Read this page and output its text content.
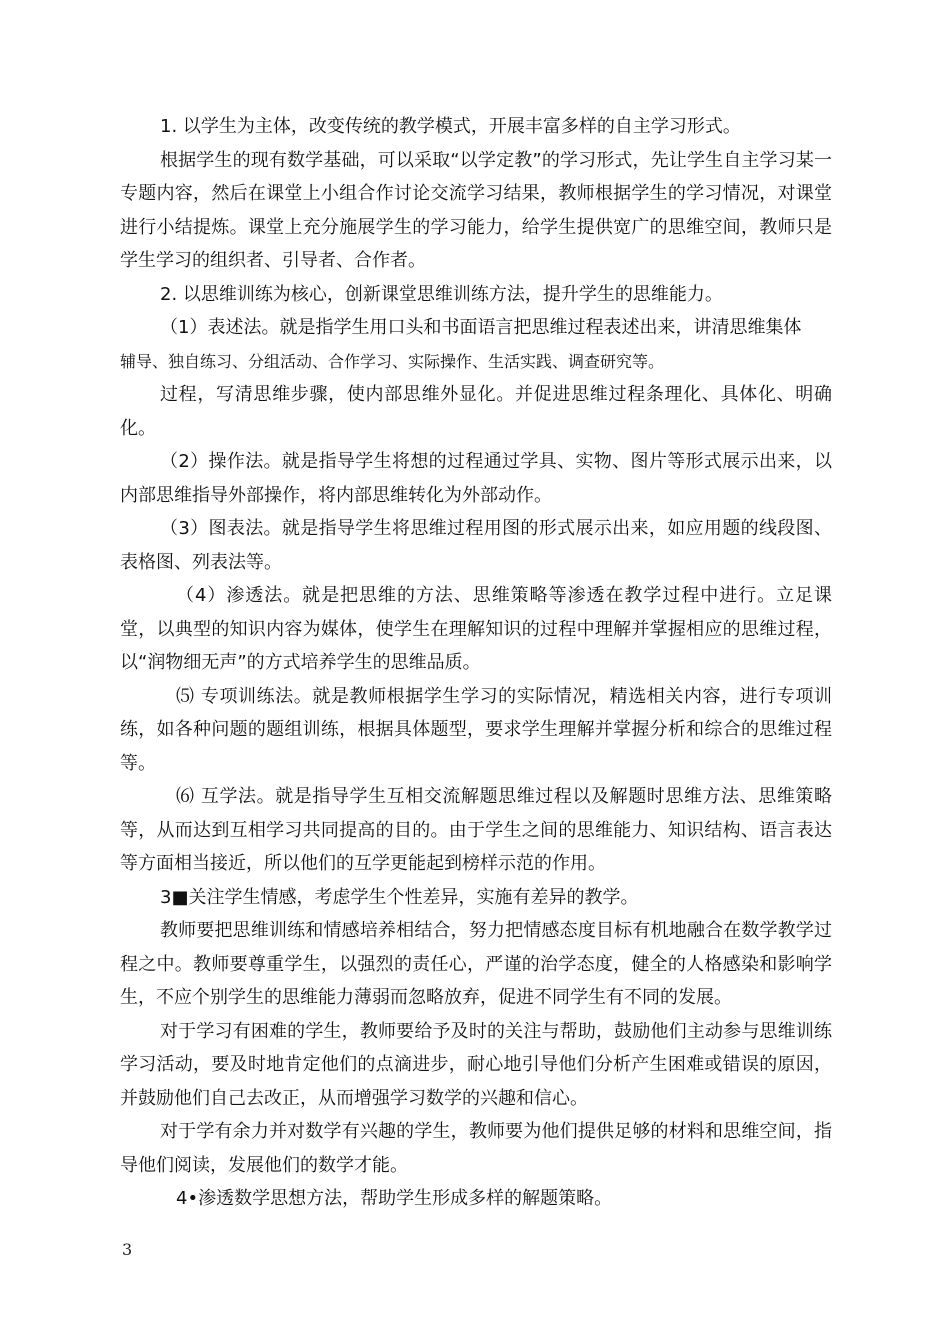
1. 以学生为主体，改变传统的教学模式，开展丰富多样的自主学习形式。

根据学生的现有数学基础，可以采取“以学定教”的学习形式，先让学生自主学习某一专题内容，然后在课堂上小组合作讨论交流学习结果，教师根据学生的学习情况，对课堂进行小结提炼。课堂上充分施展学生的学习能力，给学生提供宽广的思维空间，教师只是学生学习的组织者、引导者、合作者。

2. 以思维训练为核心，创新课堂思维训练方法，提升学生的思维能力。

（1）表述法。就是指学生用口头和书面语言把思维过程表述出来，讲清思维集体

辅导、独自练习、分组活动、合作学习、实际操作、生活实践、调查研究等。

过程，写清思维步骤，使内部思维外显化。并促进思维过程条理化、具体化、明确化。

（2）操作法。就是指导学生将想的过程通过学具、实物、图片等形式展示出来，以内部思维指导外部操作，将内部思维转化为外部动作。

（3）图表法。就是指导学生将思维过程用图的形式展示出来，如应用题的线段图、表格图、列表法等。

（4）渗透法。就是把思维的方法、思维策略等渗透在教学过程中进行。立足课堂，以典型的知识内容为媒体，使学生在理解知识的过程中理解并掌握相应的思维过程，以“润物细无声”的方式培养学生的思维品质。

⑸ 专项训练法。就是教师根据学生学习的实际情况，精选相关内容，进行专项训练，如各种问题的题组训练，根据具体题型，要求学生理解并掌握分析和综合的思维过程等。

⑹ 互学法。就是指导学生互相交流解题思维过程以及解题时思维方法、思维策略等，从而达到互相学习共同提高的目的。由于学生之间的思维能力、知识结构、语言表达等方面相当接近，所以他们的互学更能起到榜样示范的作用。

3■关注学生情感，考虑学生个性差异，实施有差异的教学。

教师要把思维训练和情感培养相结合，努力把情感态度目标有机地融合在数学教学过程之中。教师要尊重学生，以强烈的责任心，严谨的治学态度，健全的人格感染和影响学生，不应个别学生的思维能力薄弱而忽略放弃，促进不同学生有不同的发展。

对于学习有困难的学生，教师要给予及时的关注与帮助，鼓励他们主动参与思维训练学习活动，要及时地肯定他们的点滴进步，耐心地引导他们分析产生困难或错误的原因，并鼓励他们自己去改正，从而增强学习数学的兴趣和信心。

对于学有余力并对数学有兴趣的学生，教师要为他们提供足够的材料和思维空间，指导他们阅读，发展他们的数学才能。

4•渗透数学思想方法，帮助学生形成多样的解题策略。

3
